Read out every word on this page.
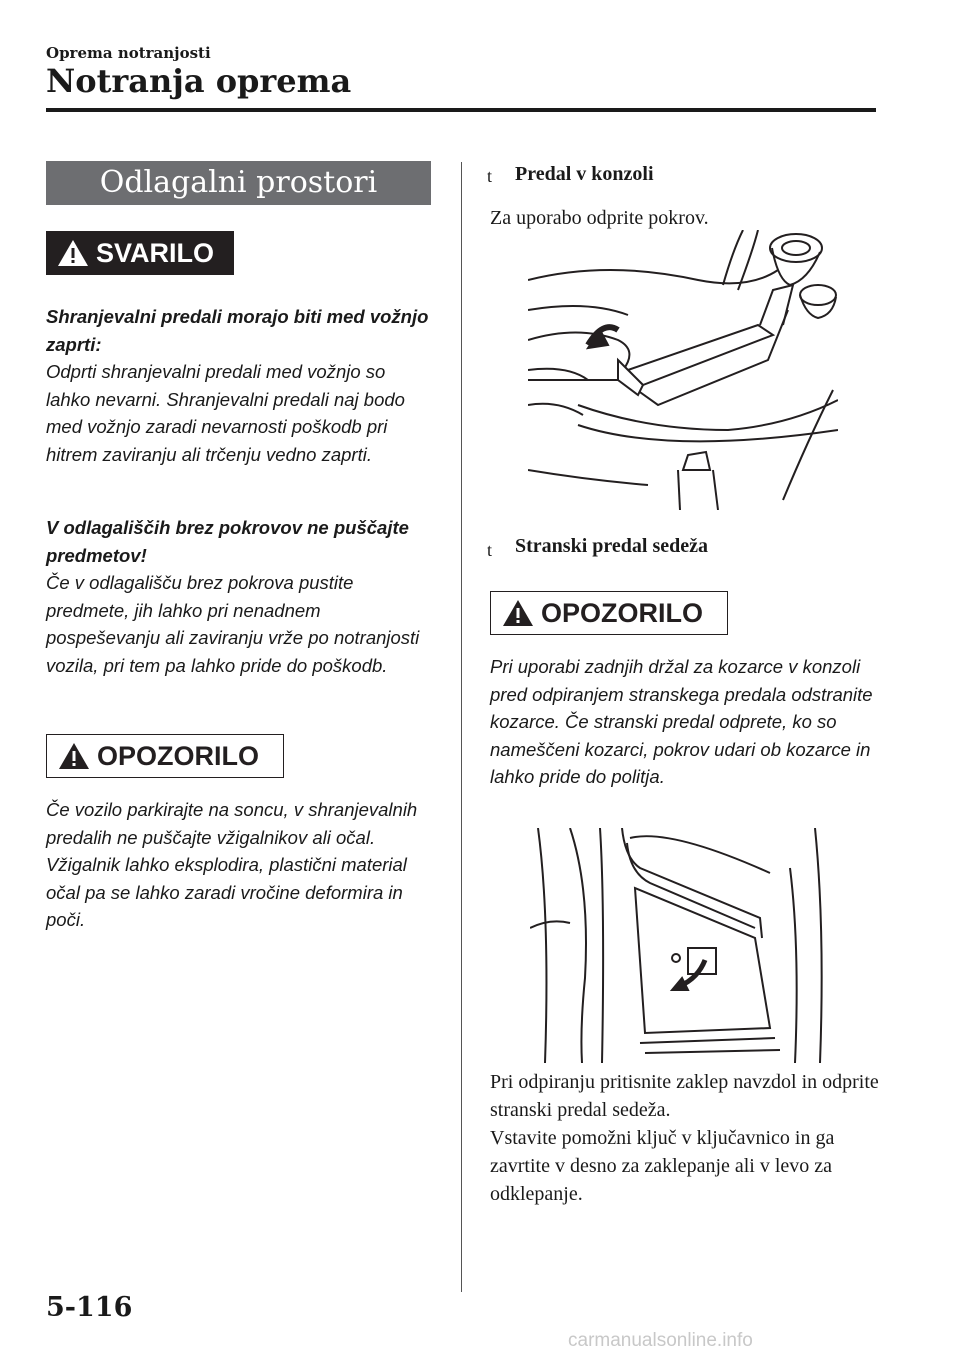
Oprema notranjosti
Notranja oprema
Odlagalni prostori
SVARILO

Shranjevalni predali morajo biti med vožnjo zaprti:

Odprti shranjevalni predali med vožnjo so lahko nevarni. Shranjevalni predali naj bodo med vožnjo zaradi nevarnosti poškodb pri hitrem zaviranju ali trčenju vedno zaprti.

V odlagališčih brez pokrovov ne puščajte predmetov!

Če v odlagališču brez pokrova pustite predmete, jih lahko pri nenadnem pospeševanju ali zaviranju vrže po notranjosti vozila, pri tem pa lahko pride do poškodb.

OPOZORILO

Če vozilo parkirajte na soncu, v shranjevalnih predalih ne puščajte vžigalnikov ali očal. Vžigalnik lahko eksplodira, plastični material očal pa se lahko zaradi vročine deformira in poči.

t Predal v konzoli
Za uporabo odprite pokrov.
t Stranski predal sedeža
OPOZORILO

Pri uporabi zadnjih držal za kozarce v konzoli pred odpiranjem stranskega predala odstranite kozarce. Če stranski predal odprete, ko so nameščeni kozarci, pokrov udari ob kozarce in lahko pride do politja.

Pri odpiranju pritisnite zaklep navzdol in odprite stranski predal sedeža.

Vstavite pomožni ključ v ključavnico in ga zavrtite v desno za zaklepanje ali v levo za odklepanje.

5-116
carmanualsonline.info
